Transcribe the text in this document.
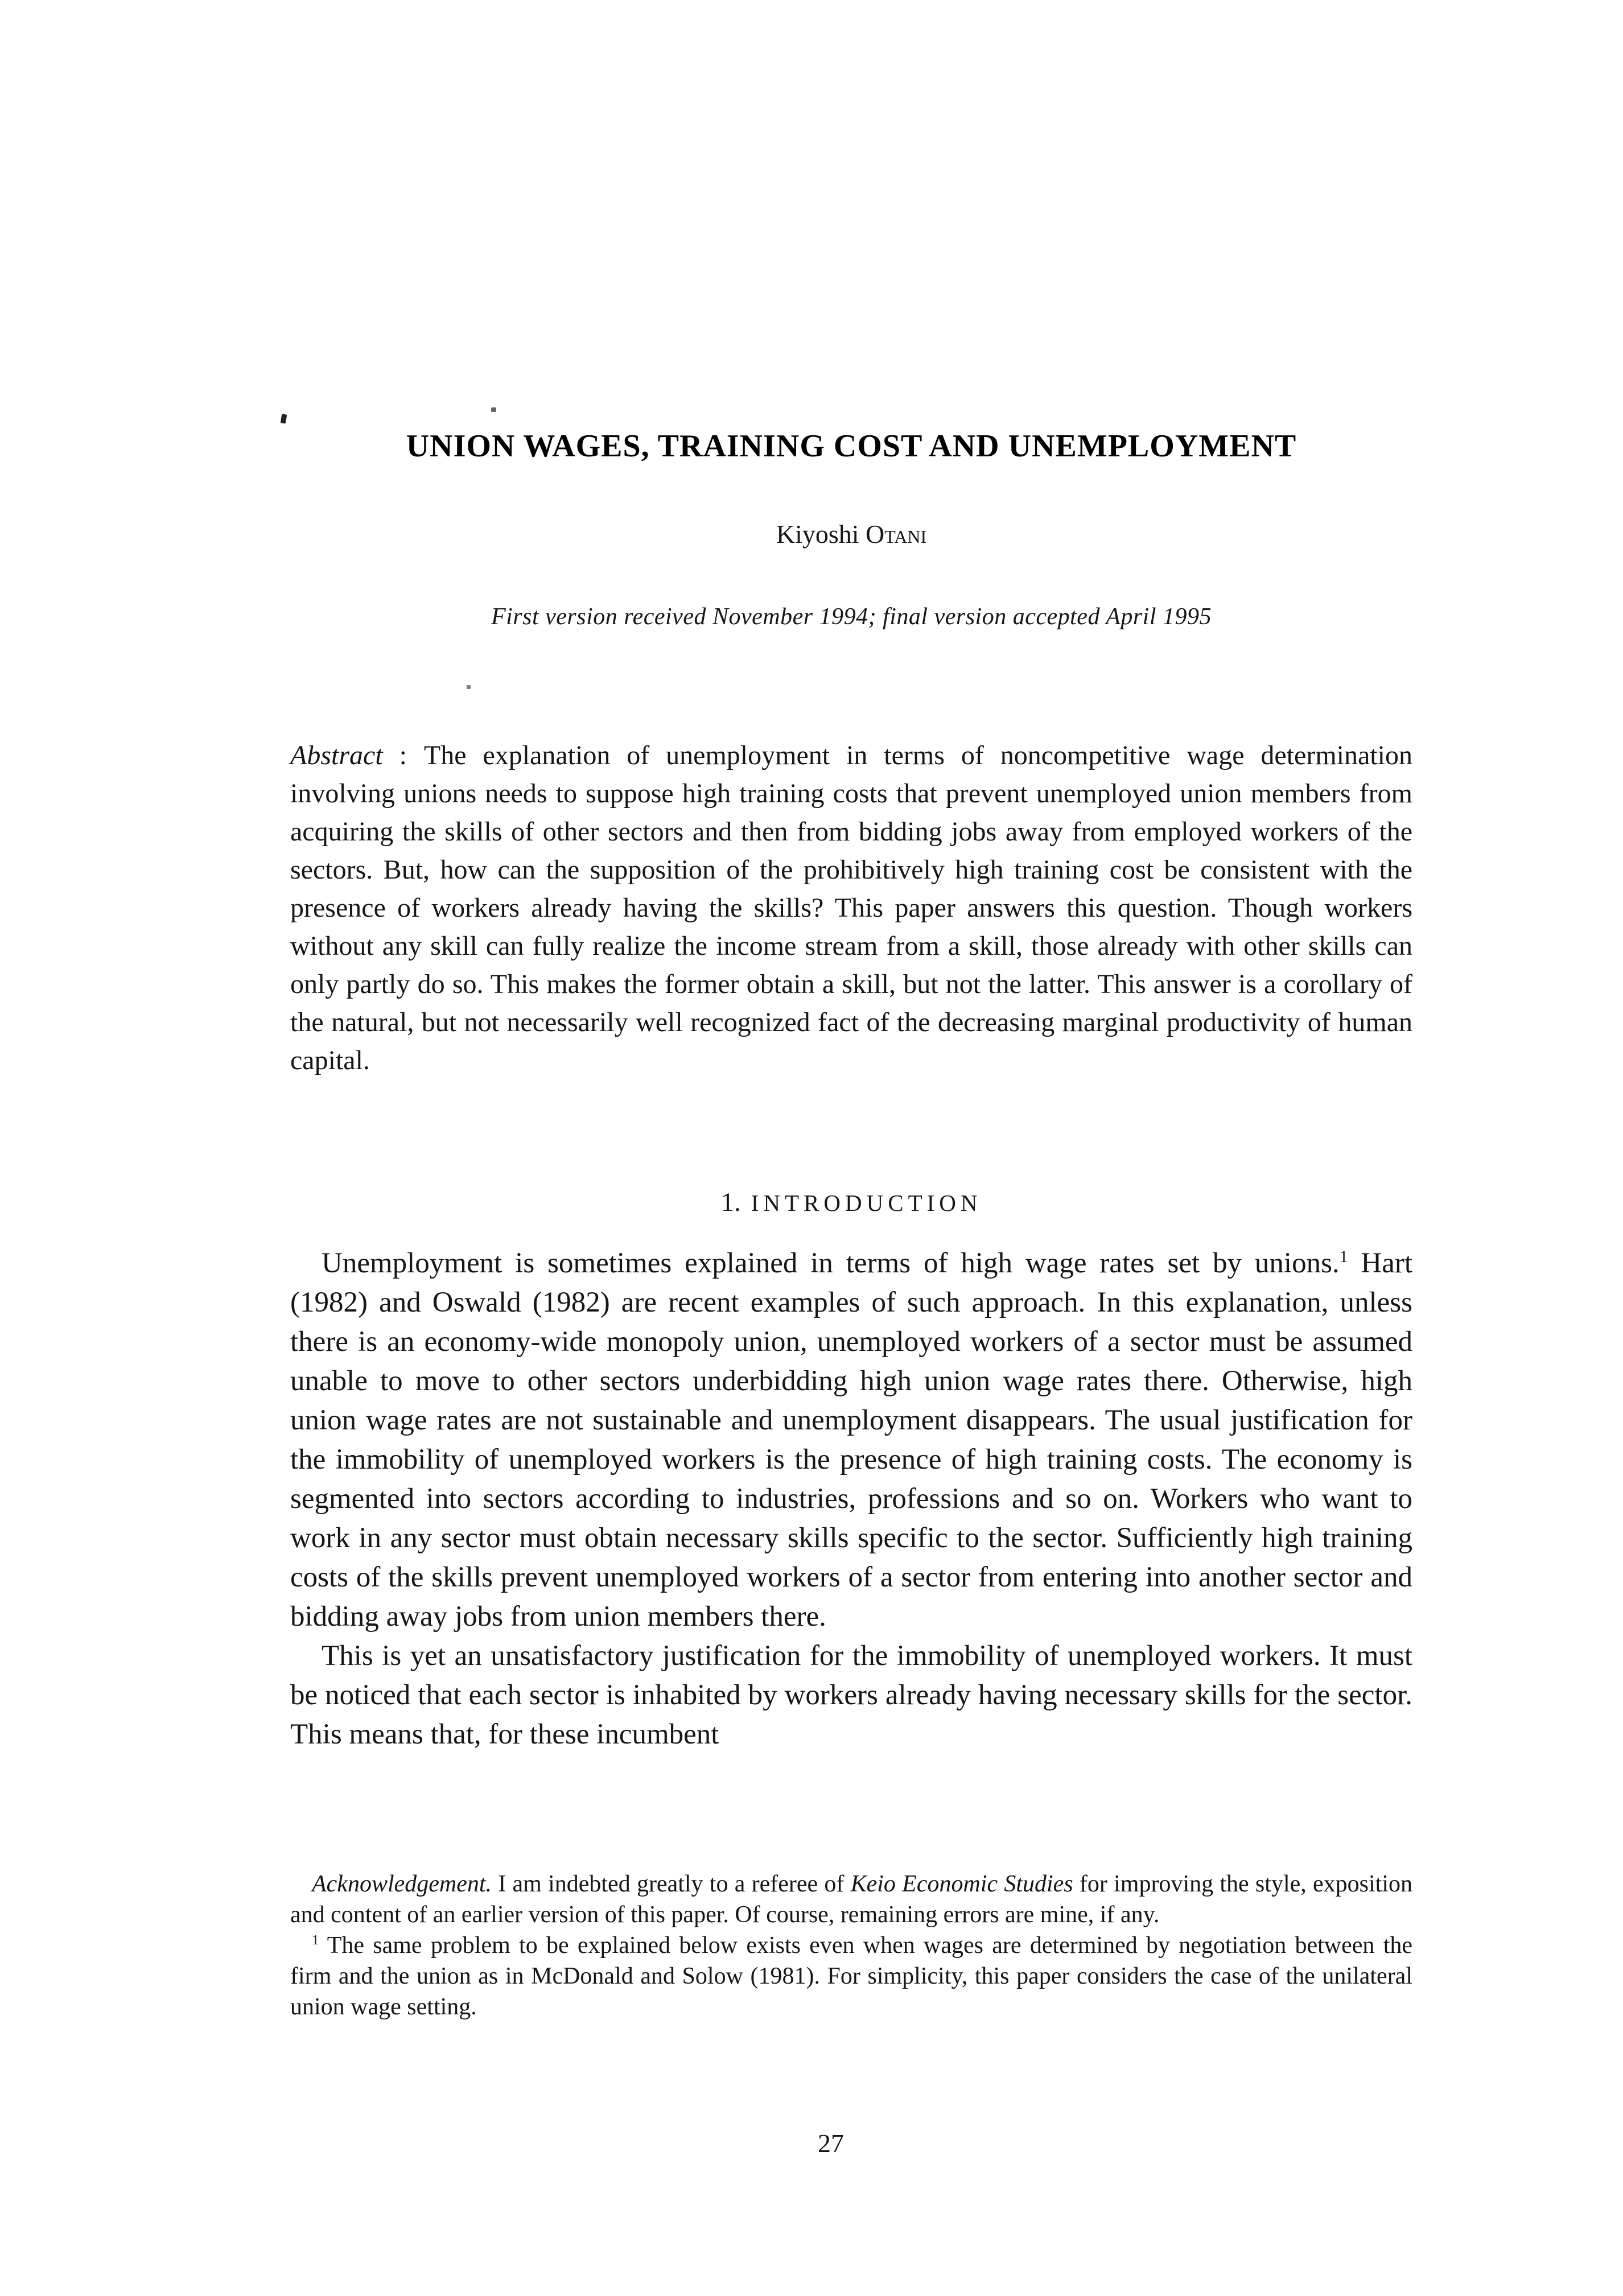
UNION WAGES, TRAINING COST AND UNEMPLOYMENT
Kiyoshi Otani
First version received November 1994; final version accepted April 1995

Abstract : The explanation of unemployment in terms of noncompetitive wage determination involving unions needs to suppose high training costs that prevent unemployed union members from acquiring the skills of other sectors and then from bidding jobs away from employed workers of the sectors. But, how can the supposition of the prohibitively high training cost be consistent with the presence of workers already having the skills? This paper answers this question. Though workers without any skill can fully realize the income stream from a skill, those already with other skills can only partly do so. This makes the former obtain a skill, but not the latter. This answer is a corollary of the natural, but not necessarily well recognized fact of the decreasing marginal productivity of human capital.

1. INTRODUCTION

Unemployment is sometimes explained in terms of high wage rates set by unions.$^1$ Hart (1982) and Oswald (1982) are recent examples of such approach. In this explanation, unless there is an economy-wide monopoly union, unemployed workers of a sector must be assumed unable to move to other sectors underbidding high union wage rates there. Otherwise, high union wage rates are not sustainable and unemployment disappears. The usual justification for the immobility of unemployed workers is the presence of high training costs. The economy is segmented into sectors according to industries, professions and so on. Workers who want to work in any sector must obtain necessary skills specific to the sector. Sufficiently high training costs of the skills prevent unemployed workers of a sector from entering into another sector and bidding away jobs from union members there.

This is yet an unsatisfactory justification for the immobility of unemployed workers. It must be noticed that each sector is inhabited by workers already having necessary skills for the sector. This means that, for these incumbent

Acknowledgement. I am indebted greatly to a referee of Keio Economic Studies for improving the style, exposition and content of an earlier version of this paper. Of course, remaining errors are mine, if any.

$^1$ The same problem to be explained below exists even when wages are determined by negotiation between the firm and the union as in McDonald and Solow (1981). For simplicity, this paper considers the case of the unilateral union wage setting.

27
